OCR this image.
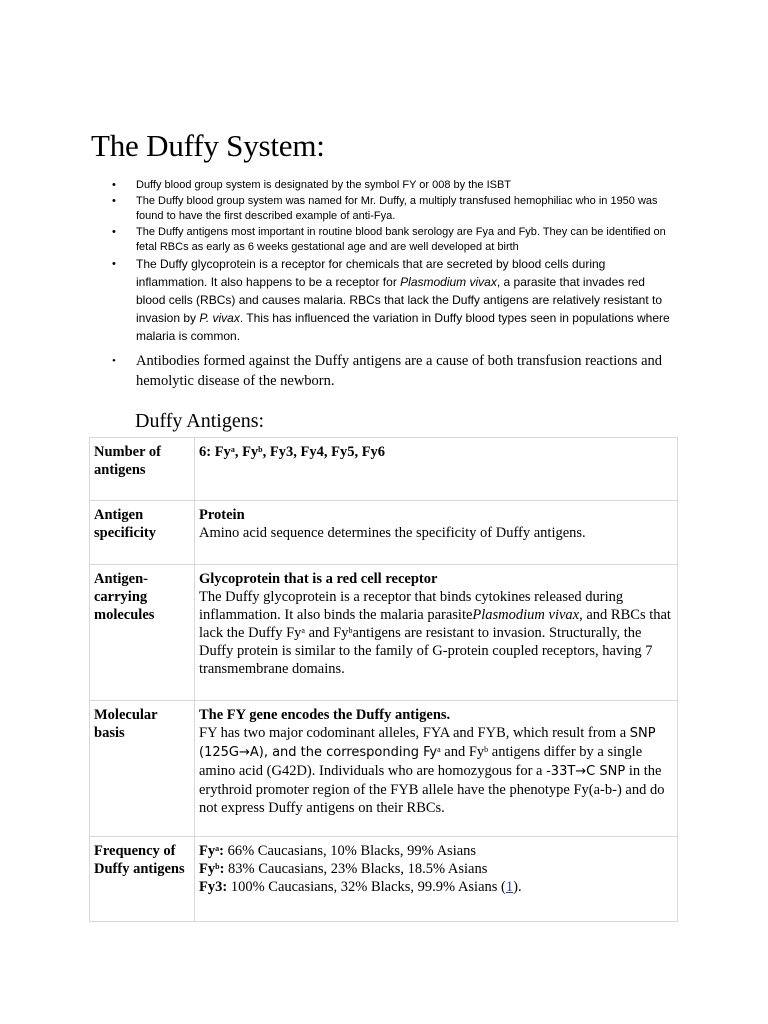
The Duffy System:
• Duffy blood group system is designated by the symbol FY or 008 by the ISBT
• The Duffy blood group system was named for Mr. Duffy, a multiply transfused hemophiliac who in 1950 was found to have the first described example of anti-Fya.
• The Duffy antigens most important in routine blood bank serology are Fya and Fyb. They can be identified on fetal RBCs as early as 6 weeks gestational age and are well developed at birth
• The Duffy glycoprotein is a receptor for chemicals that are secreted by blood cells during inflammation. It also happens to be a receptor for Plasmodium vivax, a parasite that invades red blood cells (RBCs) and causes malaria. RBCs that lack the Duffy antigens are relatively resistant to invasion by P. vivax. This has influenced the variation in Duffy blood types seen in populations where malaria is common.
• Antibodies formed against the Duffy antigens are a cause of both transfusion reactions and hemolytic disease of the newborn.
Duffy Antigens:
Number of antigens	6: Fy$^a$, Fy$^b$, Fy3, Fy4, Fy5, Fy6
Antigen specificity	Protein
Amino acid sequence determines the specificity of Duffy antigens.

Antigen-carrying molecules	Glycoprotein that is a red cell receptor
The Duffy glycoprotein is a receptor that binds cytokines released during inflammation. It also binds the malaria parasitePlasmodium vivax, and RBCs that lack the Duffy Fy$^a$ and Fy$^b$antigens are resistant to invasion. Structurally, the Duffy protein is similar to the family of G-protein coupled receptors, having 7 transmembrane domains.

Molecular basis	The FY gene encodes the Duffy antigens.
FY has two major codominant alleles, FYA and FYB, which result from a SNP (125G→A), and the corresponding Fy$^a$ and Fy$^b$ antigens differ by a single amino acid (G42D). Individuals who are homozygous for a -33T→C SNP in the erythroid promoter region of the FYB allele have the phenotype Fy(a-b-) and do not express Duffy antigens on their RBCs.

Frequency of Duffy antigens	Fy$^a$: 66% Caucasians, 10% Blacks, 99% Asians
Fy$^b$: 83% Caucasians, 23% Blacks, 18.5% Asians
Fy3: 100% Caucasians, 32% Blacks, 99.9% Asians (1).
